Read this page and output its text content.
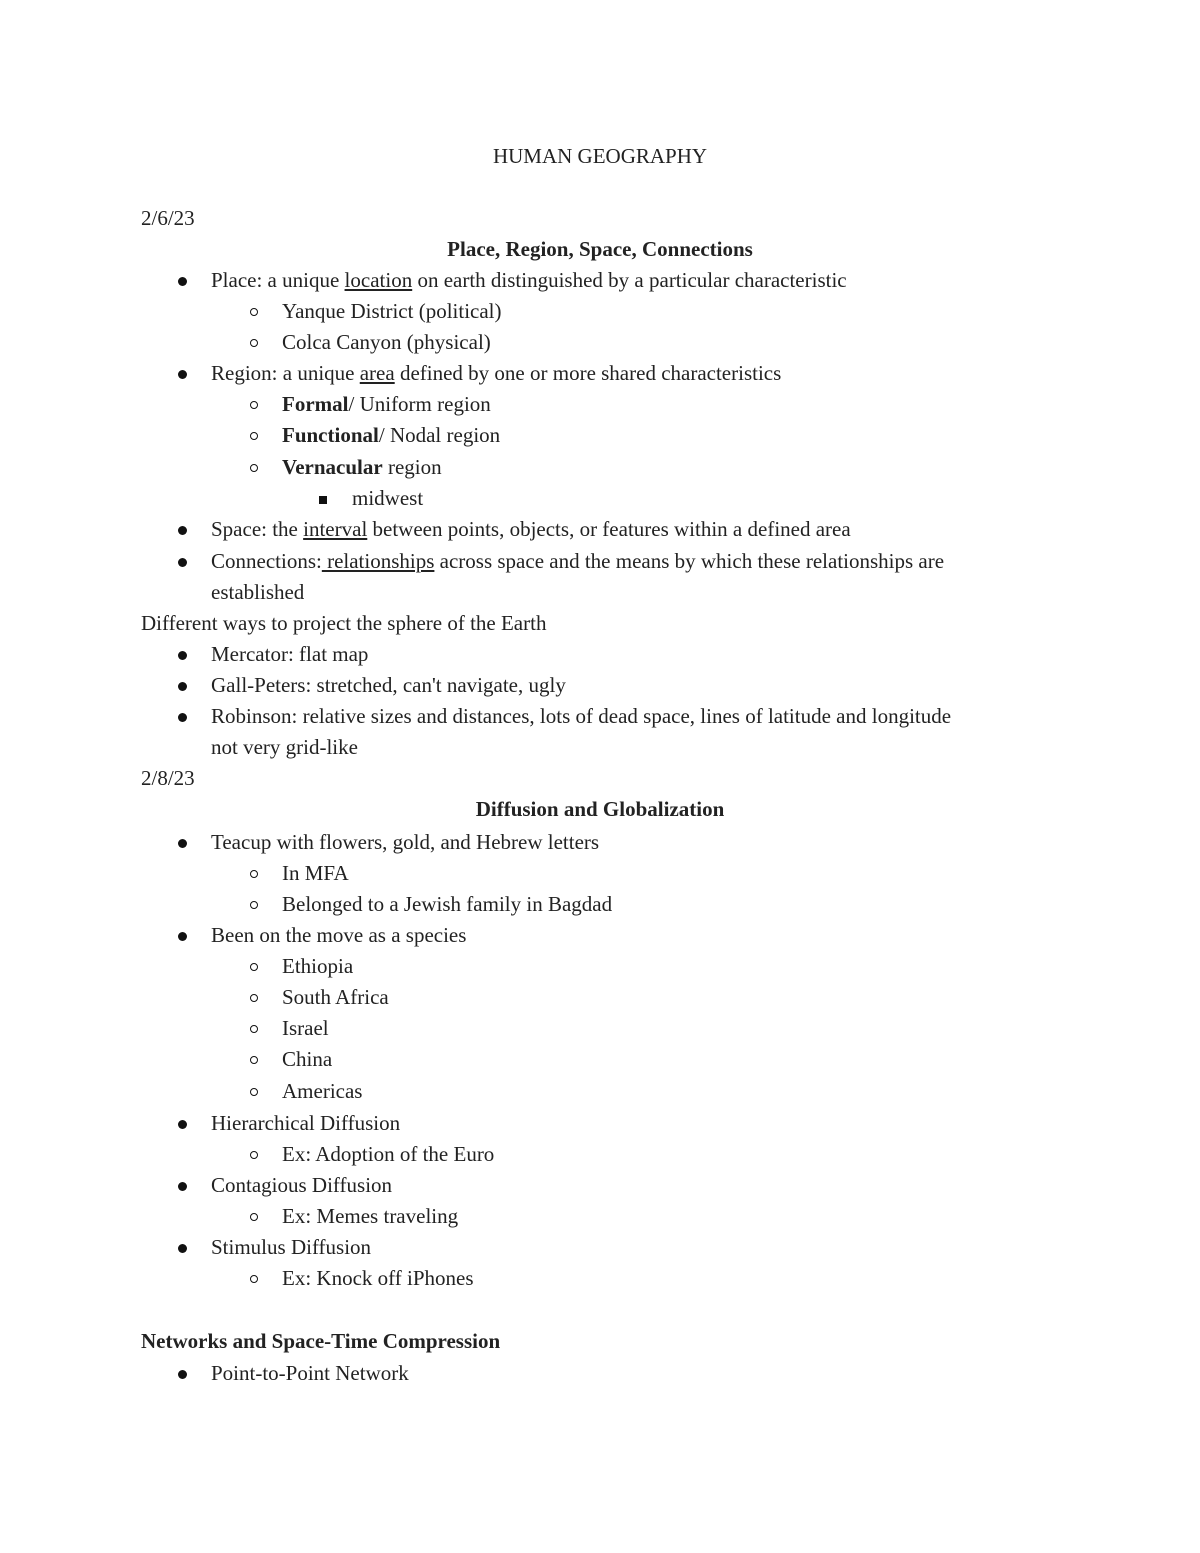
HUMAN GEOGRAPHY
2/6/23
Place, Region, Space, Connections
Place: a unique location on earth distinguished by a particular characteristic
Yanque District (political)
Colca Canyon (physical)
Region: a unique area defined by one or more shared characteristics
Formal/ Uniform region
Functional/ Nodal region
Vernacular region
midwest
Space: the interval between points, objects, or features within a defined area
Connections: relationships across space and the means by which these relationships are
established
Different ways to project the sphere of the Earth
Mercator: flat map
Gall-Peters: stretched, can't navigate, ugly
Robinson: relative sizes and distances, lots of dead space, lines of latitude and longitude
not very grid-like
2/8/23
Diffusion and Globalization
Teacup with flowers, gold, and Hebrew letters
In MFA
Belonged to a Jewish family in Bagdad
Been on the move as a species
Ethiopia
South Africa
Israel
China
Americas
Hierarchical Diffusion
Ex: Adoption of the Euro
Contagious Diffusion
Ex: Memes traveling
Stimulus Diffusion
Ex: Knock off iPhones
Networks and Space-Time Compression
Point-to-Point Network
